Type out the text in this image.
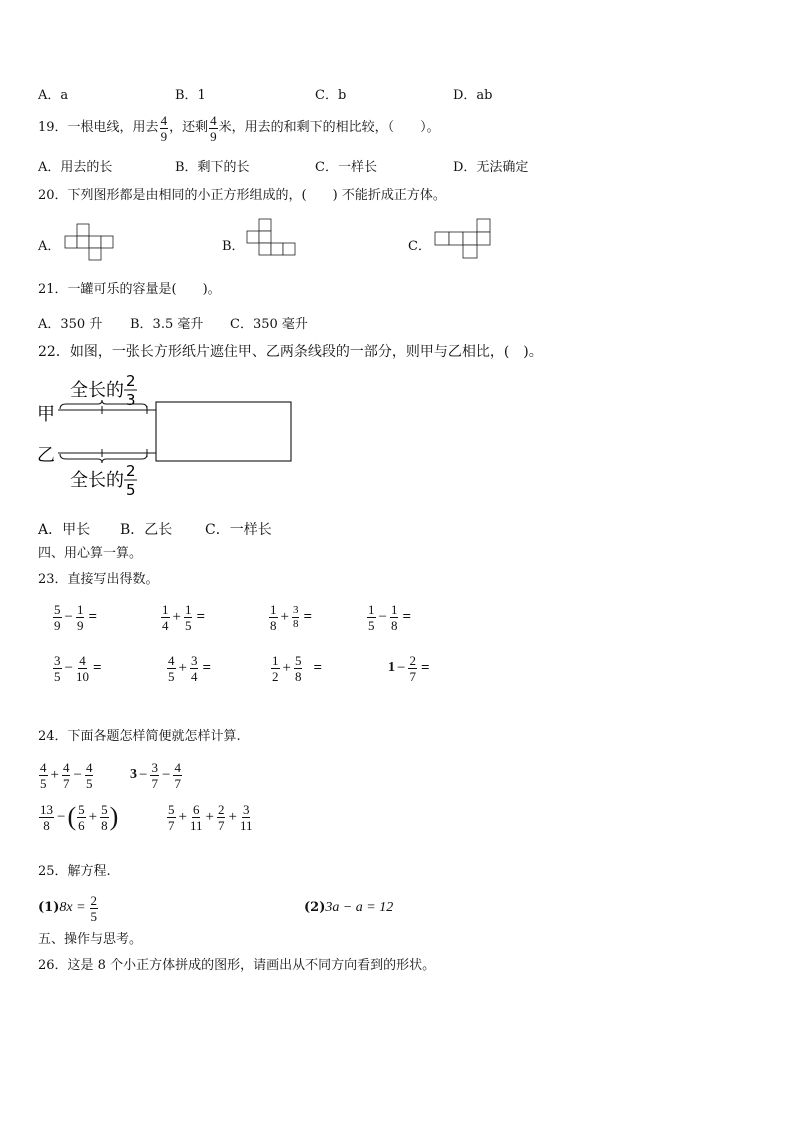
A．a	B．1	C．b	D．ab
19． 一根电线，用去 $\frac{4}{9}$ ，还剩 $\frac{4}{9}$ 米，用去的和剩下的相比较，（　　）。
A．用去的长	B．剩下的长	C．一样长	D．无法确定
20．下列图形都是由相同的小正方形组成的，(　　) 不能折成正方体。
A．	B．	C．
21．一罐可乐的容量是(　　)。
A．350 升 B．3.5 毫升 C．350 毫升
22．如图，一张长方形纸片遮住甲、乙两条线段的一部分，则甲与乙相比，(　)。
全长的 2
3
甲
乙
全长的 2
5
A．甲长 B．乙长 C．一样长
四、用心算一算。
23．直接写出得数。
$\frac{5}{9} - \frac{1}{9}$ =	$\frac{1}{4} + \frac{1}{5}$ =	$\frac{1}{8} + \frac{3}{8}$ =	$\frac{1}{5} - \frac{1}{8}$ =
$\frac{3}{5} - \frac{4}{10}$ =	$\frac{4}{5} + \frac{3}{4}$ =	$\frac{1}{2} + \frac{5}{8}$ =	$1 - \frac{2}{7}$ =
24．下面各题怎样简便就怎样计算.
$\frac{4}{5} + \frac{4}{7} - \frac{4}{5}$	$3 - \frac{3}{7} - \frac{4}{7}$
$\frac{13}{8}$ − ( $\frac{5}{6} + \frac{5}{8}$ )	$\frac{5}{7} + \frac{6}{11} + \frac{2}{7} + \frac{3}{11}$
25．解方程.
(1) $8x = \frac{2}{5}$	(2) 3a − a = 12
五、操作与思考。
26．这是 8 个小正方体拼成的图形，请画出从不同方向看到的形状。
